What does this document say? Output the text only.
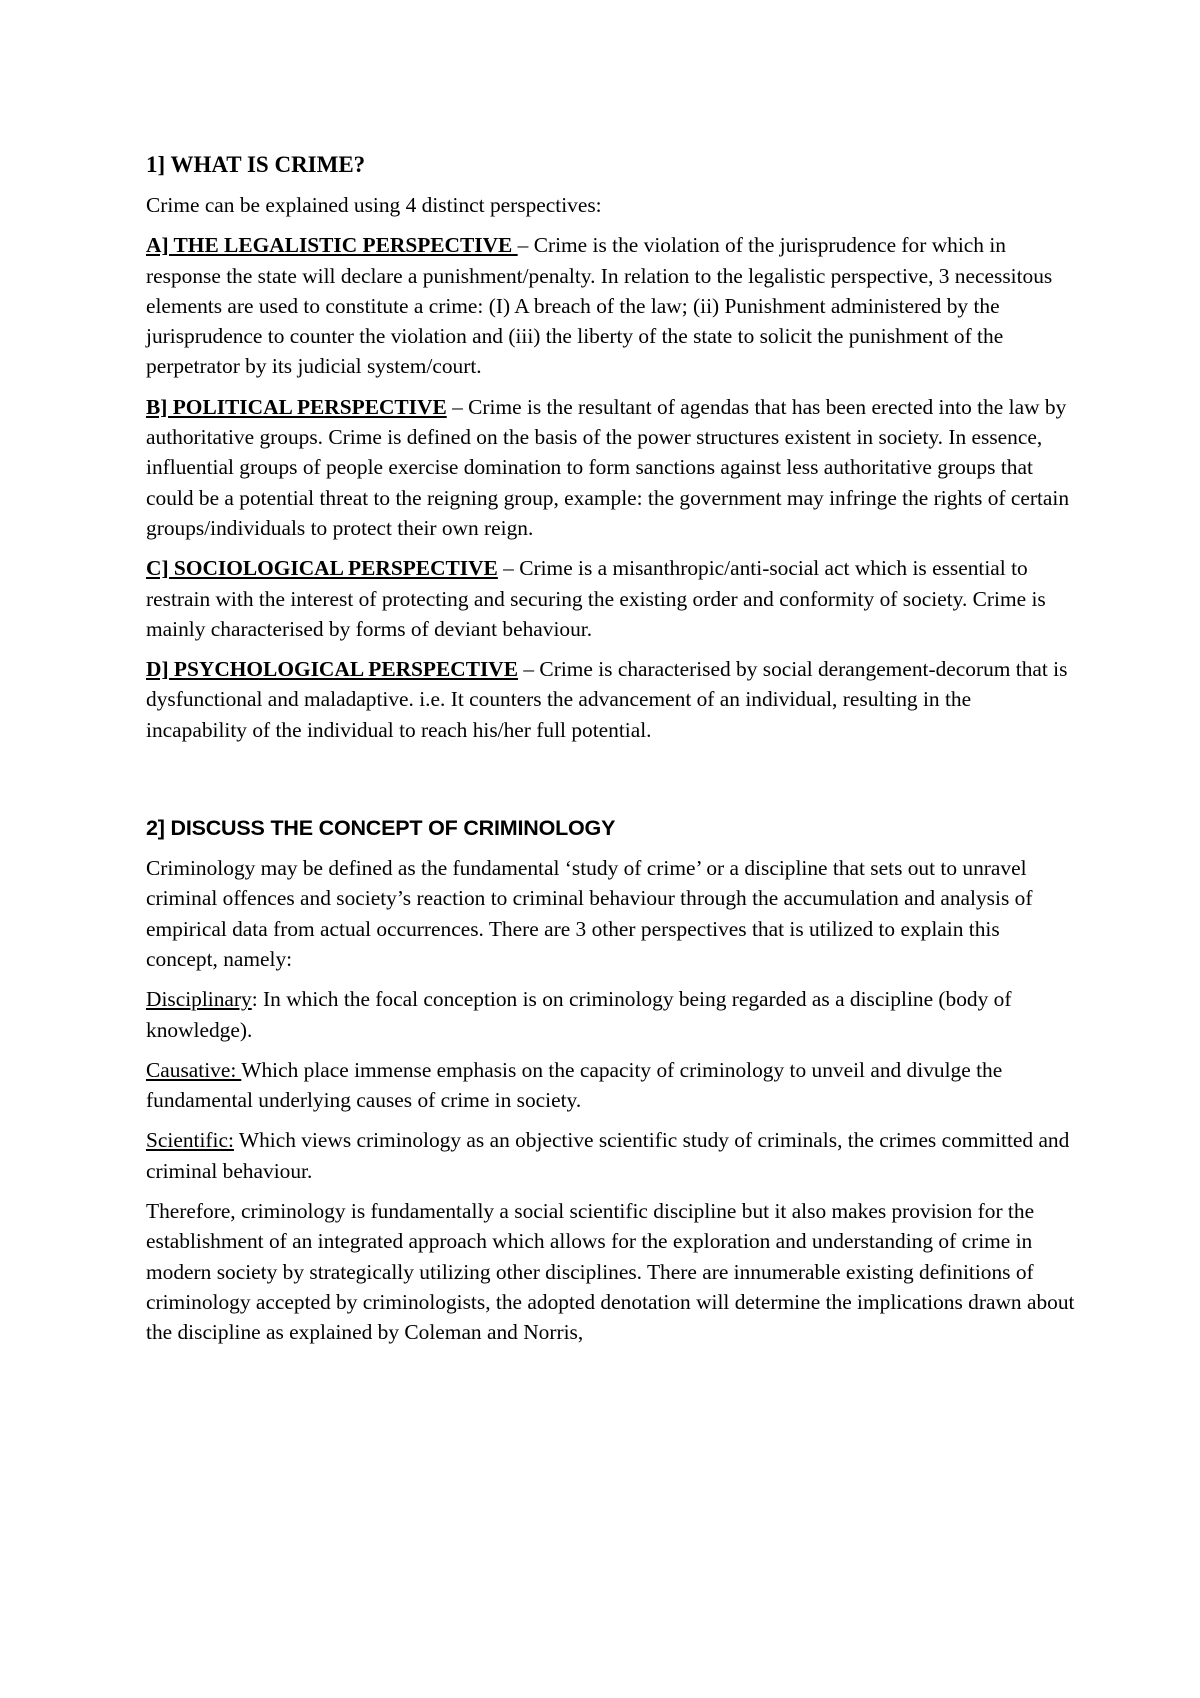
1] WHAT IS CRIME?

Crime can be explained using 4 distinct perspectives:

A] THE LEGALISTIC PERSPECTIVE – Crime is the violation of the jurisprudence for which in response the state will declare a punishment/penalty. In relation to the legalistic perspective, 3 necessitous elements are used to constitute a crime: (I) A breach of the law; (ii) Punishment administered by the jurisprudence to counter the violation and (iii) the liberty of the state to solicit the punishment of the perpetrator by its judicial system/court.

B] POLITICAL PERSPECTIVE – Crime is the resultant of agendas that has been erected into the law by authoritative groups. Crime is defined on the basis of the power structures existent in society. In essence, influential groups of people exercise domination to form sanctions against less authoritative groups that could be a potential threat to the reigning group, example: the government may infringe the rights of certain groups/individuals to protect their own reign.

C] SOCIOLOGICAL PERSPECTIVE – Crime is a misanthropic/anti-social act which is essential to restrain with the interest of protecting and securing the existing order and conformity of society. Crime is mainly characterised by forms of deviant behaviour.

D] PSYCHOLOGICAL PERSPECTIVE – Crime is characterised by social derangement-decorum that is dysfunctional and maladaptive. i.e. It counters the advancement of an individual, resulting in the incapability of the individual to reach his/her full potential.

2] DISCUSS THE CONCEPT OF CRIMINOLOGY

Criminology may be defined as the fundamental ‘study of crime’ or a discipline that sets out to unravel criminal offences and society’s reaction to criminal behaviour through the accumulation and analysis of empirical data from actual occurrences. There are 3 other perspectives that is utilized to explain this concept, namely:

Disciplinary: In which the focal conception is on criminology being regarded as a discipline (body of knowledge).

Causative: Which place immense emphasis on the capacity of criminology to unveil and divulge the fundamental underlying causes of crime in society.

Scientific: Which views criminology as an objective scientific study of criminals, the crimes committed and criminal behaviour.

Therefore, criminology is fundamentally a social scientific discipline but it also makes provision for the establishment of an integrated approach which allows for the exploration and understanding of crime in modern society by strategically utilizing other disciplines. There are innumerable existing definitions of criminology accepted by criminologists, the adopted denotation will determine the implications drawn about the discipline as explained by Coleman and Norris,
